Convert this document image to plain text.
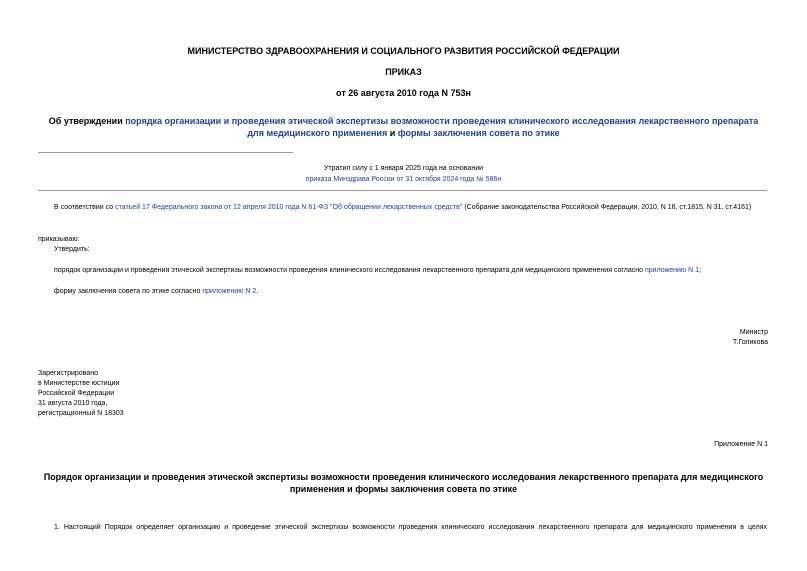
МИНИСТЕРСТВО ЗДРАВООХРАНЕНИЯ И СОЦИАЛЬНОГО РАЗВИТИЯ РОССИЙСКОЙ ФЕДЕРАЦИИ
ПРИКАЗ
от 26 августа 2010 года N 753н
Об утверждении порядка организации и проведения этической экспертизы возможности проведения клинического исследования лекарственного препарата для медицинского применения и формы заключения совета по этике
Утратил силу с 1 января 2025 года на основании
приказа Минздрава России от 31 октября 2024 года № 586н
В соответствии со статьей 17 Федерального закона от 12 апреля 2010 года N 61-ФЗ "Об обращении лекарственных средств" (Собрание законодательства Российской Федерации, 2010, N 16, ст.1815, N 31, ст.4161)
приказываю:
Утвердить:
порядок организации и проведения этической экспертизы возможности проведения клинического исследования лекарственного препарата для медицинского применения согласно приложению N 1;
форму заключения совета по этике согласно приложению N 2.
Министр
Т.Голикова
Зарегистрировано
в Министерстве юстиции
Российской Федерации
31 августа 2010 года,
регистрационный N 18303
Приложение N 1
Порядок организации и проведения этической экспертизы возможности проведения клинического исследования лекарственного препарата для медицинского применения и формы заключения совета по этике
1. Настоящий Порядок определяет организацию и проведение этической экспертизы возможности проведения клинического исследования лекарственного препарата для медицинского применения в целях
